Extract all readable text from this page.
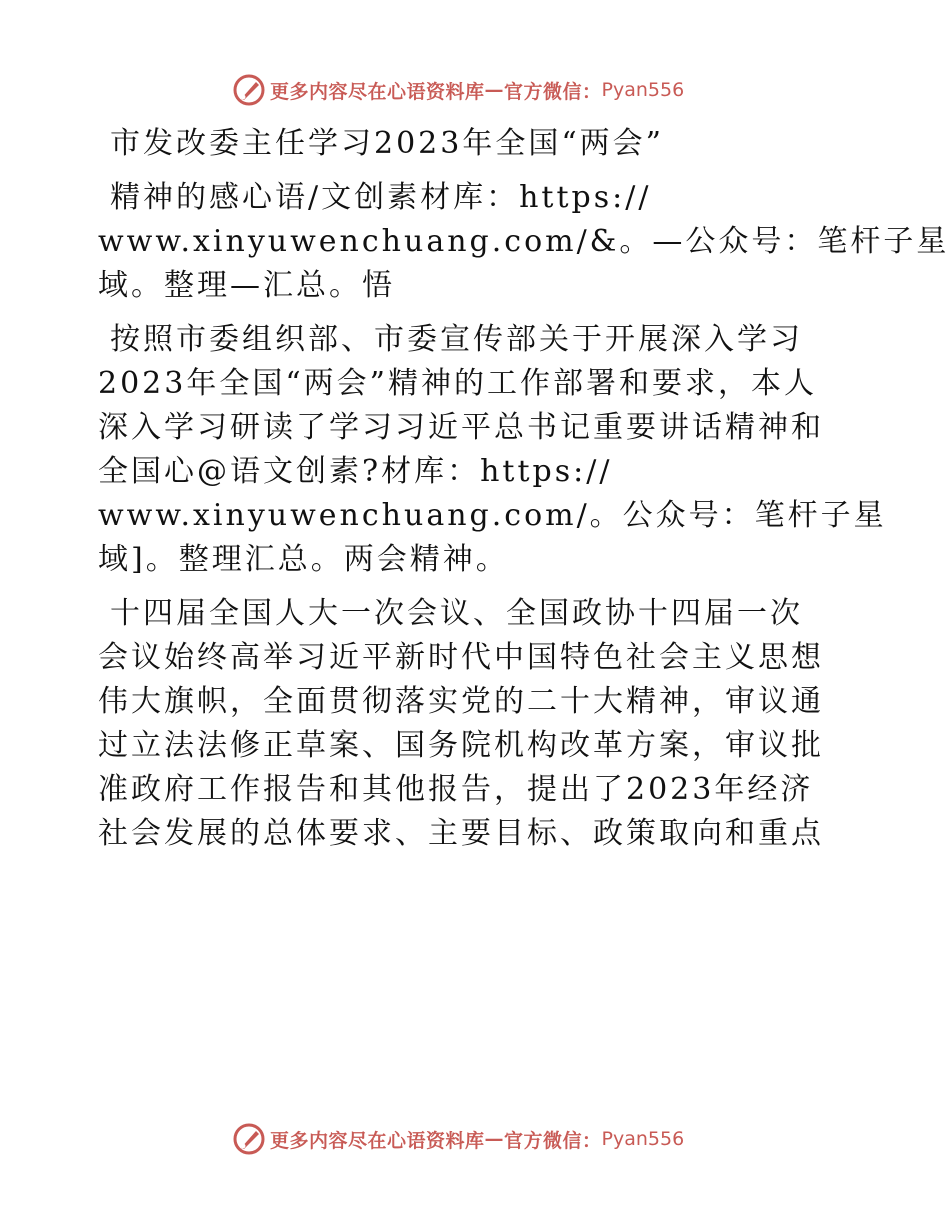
更多内容尽在心语资料库 — 官方微信： Pyan556

市发改委主任学习2023年全国“两会”

精神的感心语/文创素材库：https://
www.xinyuwenchuang.com/&。—公众号：笔杆子星
域。整理—汇总。悟

按照市委组织部、市委宣传部关于开展深入学习
2023年全国“两会”精神的工作部署和要求，本人
深入学习研读了学习习近平总书记重要讲话精神和
全国心@语文创素?材库：https://
www.xinyuwenchuang.com/。公众号：笔杆子星
域]。整理汇总。两会精神。

十四届全国人大一次会议、全国政协十四届一次
会议始终高举习近平新时代中国特色社会主义思想
伟大旗帜，全面贯彻落实党的二十大精神，审议通
过立法法修正草案、国务院机构改革方案，审议批
准政府工作报告和其他报告，提出了2023年经济
社会发展的总体要求、主要目标、政策取向和重点

更多内容尽在心语资料库 — 官方微信： Pyan556
